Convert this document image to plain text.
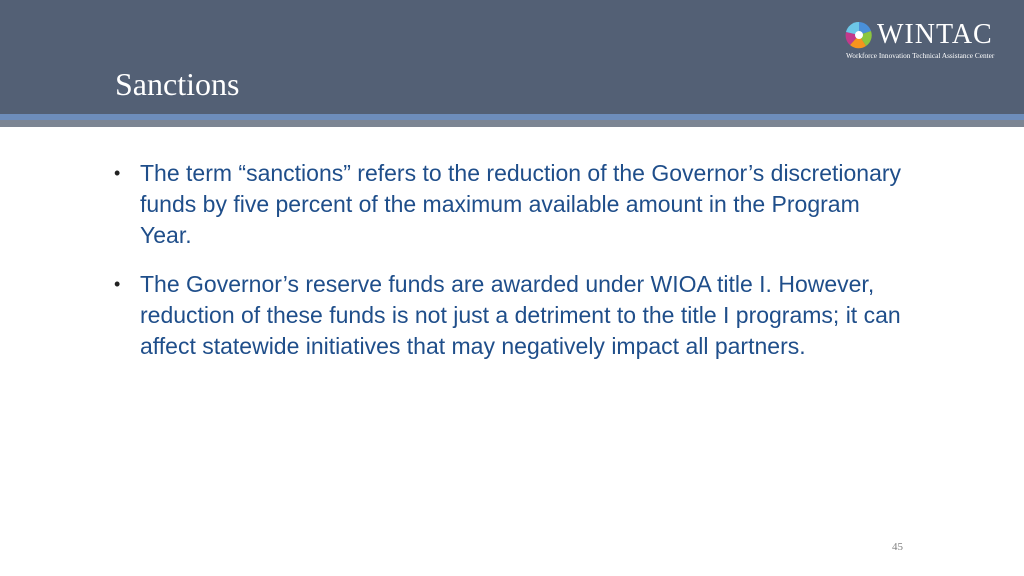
Sanctions
WINTAC
Workforce Innovation Technical Assistance Center
• The term “sanctions” refers to the reduction of the Governor’s discretionary funds by five percent of the maximum available amount in the Program Year.
• The Governor’s reserve funds are awarded under WIOA title I. However, reduction of these funds is not just a detriment to the title I programs; it can affect statewide initiatives that may negatively impact all partners.
45
